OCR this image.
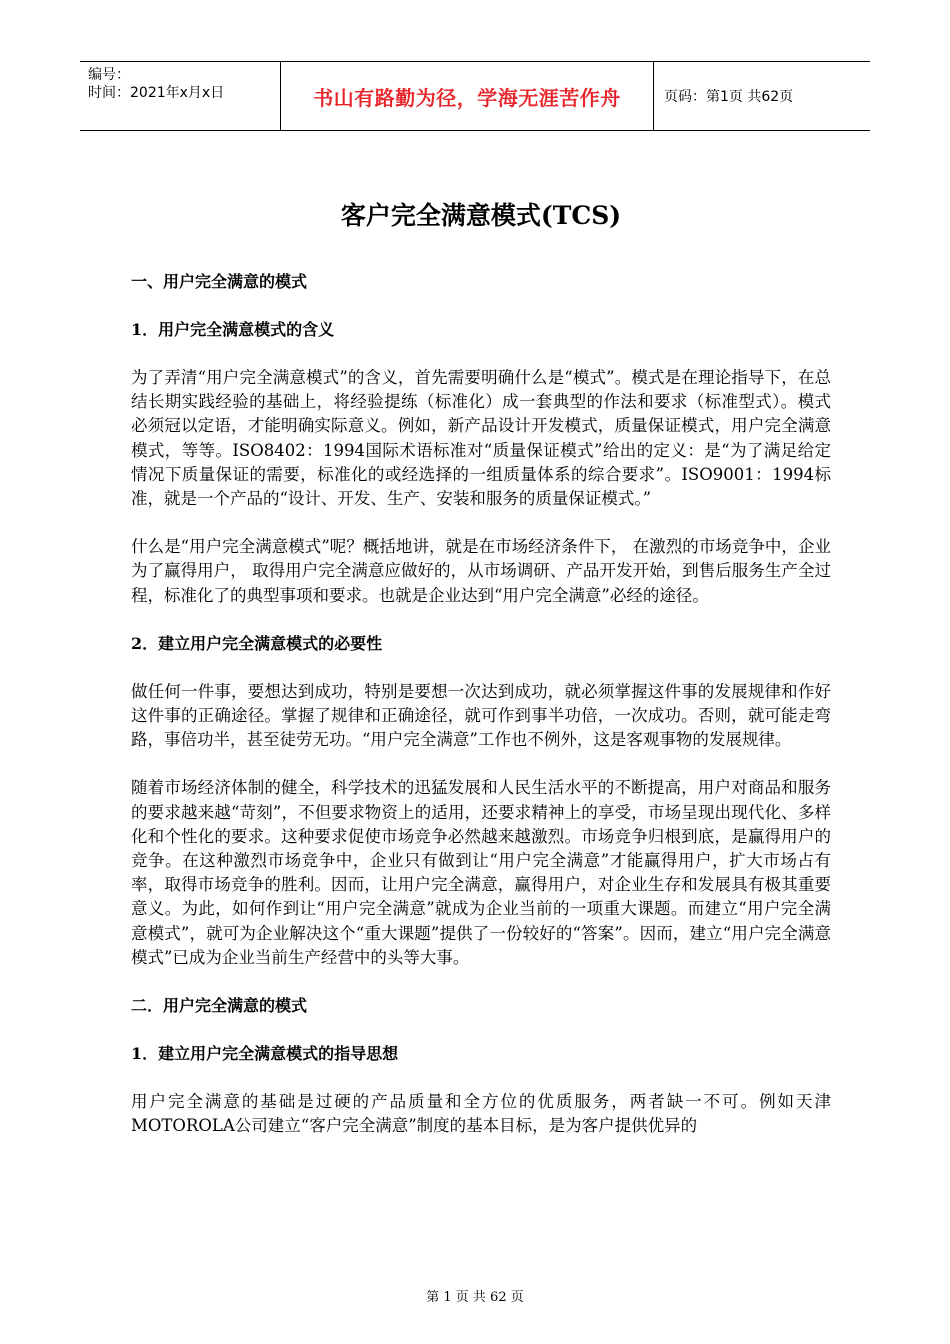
编号：
时间：2021年x月x日	书山有路勤为径，学海无涯苦作舟	页码：第1页 共62页
客户完全满意模式(TCS)
一、用户完全满意的模式
1．用户完全满意模式的含义
为了弄清“用户完全满意模式”的含义，首先需要明确什么是“模式”。模式是在理论指导下，在总结长期实践经验的基础上，将经验提练（标准化）成一套典型的作法和要求（标准型式）。模式必须冠以定语，才能明确实际意义。例如，新产品设计开发模式，质量保证模式，用户完全满意模式，等等。ISO8402：1994国际术语标准对“质量保证模式”给出的定义：是“为了满足给定情况下质量保证的需要，标准化的或经选择的一组质量体系的综合要求”。ISO9001：1994标准，就是一个产品的“设计、开发、生产、安装和服务的质量保证模式。”
什么是“用户完全满意模式”呢？概括地讲，就是在市场经济条件下， 在激烈的市场竞争中，企业为了赢得用户， 取得用户完全满意应做好的，从市场调研、产品开发开始，到售后服务生产全过程，标准化了的典型事项和要求。也就是企业达到“用户完全满意”必经的途径。
2．建立用户完全满意模式的必要性
做任何一件事，要想达到成功，特别是要想一次达到成功，就必须掌握这件事的发展规律和作好这件事的正确途径。掌握了规律和正确途径，就可作到事半功倍，一次成功。否则，就可能走弯路，事倍功半，甚至徒劳无功。“用户完全满意”工作也不例外，这是客观事物的发展规律。
随着市场经济体制的健全，科学技术的迅猛发展和人民生活水平的不断提高，用户对商品和服务的要求越来越“苛刻”，不但要求物资上的适用，还要求精神上的享受，市场呈现出现代化、多样化和个性化的要求。这种要求促使市场竞争必然越来越激烈。市场竞争归根到底，是赢得用户的竞争。在这种激烈市场竞争中，企业只有做到让“用户完全满意”才能赢得用户，扩大市场占有率，取得市场竞争的胜利。因而，让用户完全满意，赢得用户，对企业生存和发展具有极其重要意义。为此，如何作到让“用户完全满意”就成为企业当前的一项重大课题。而建立“用户完全满意模式”，就可为企业解决这个“重大课题”提供了一份较好的“答案”。因而，建立“用户完全满意模式”已成为企业当前生产经营中的头等大事。
二．用户完全满意的模式
1．建立用户完全满意模式的指导思想
用户完全满意的基础是过硬的产品质量和全方位的优质服务，两者缺一不可。例如天津MOTOROLA公司建立“客户完全满意”制度的基本目标，是为客户提供优异的
第 1 页 共 62 页
